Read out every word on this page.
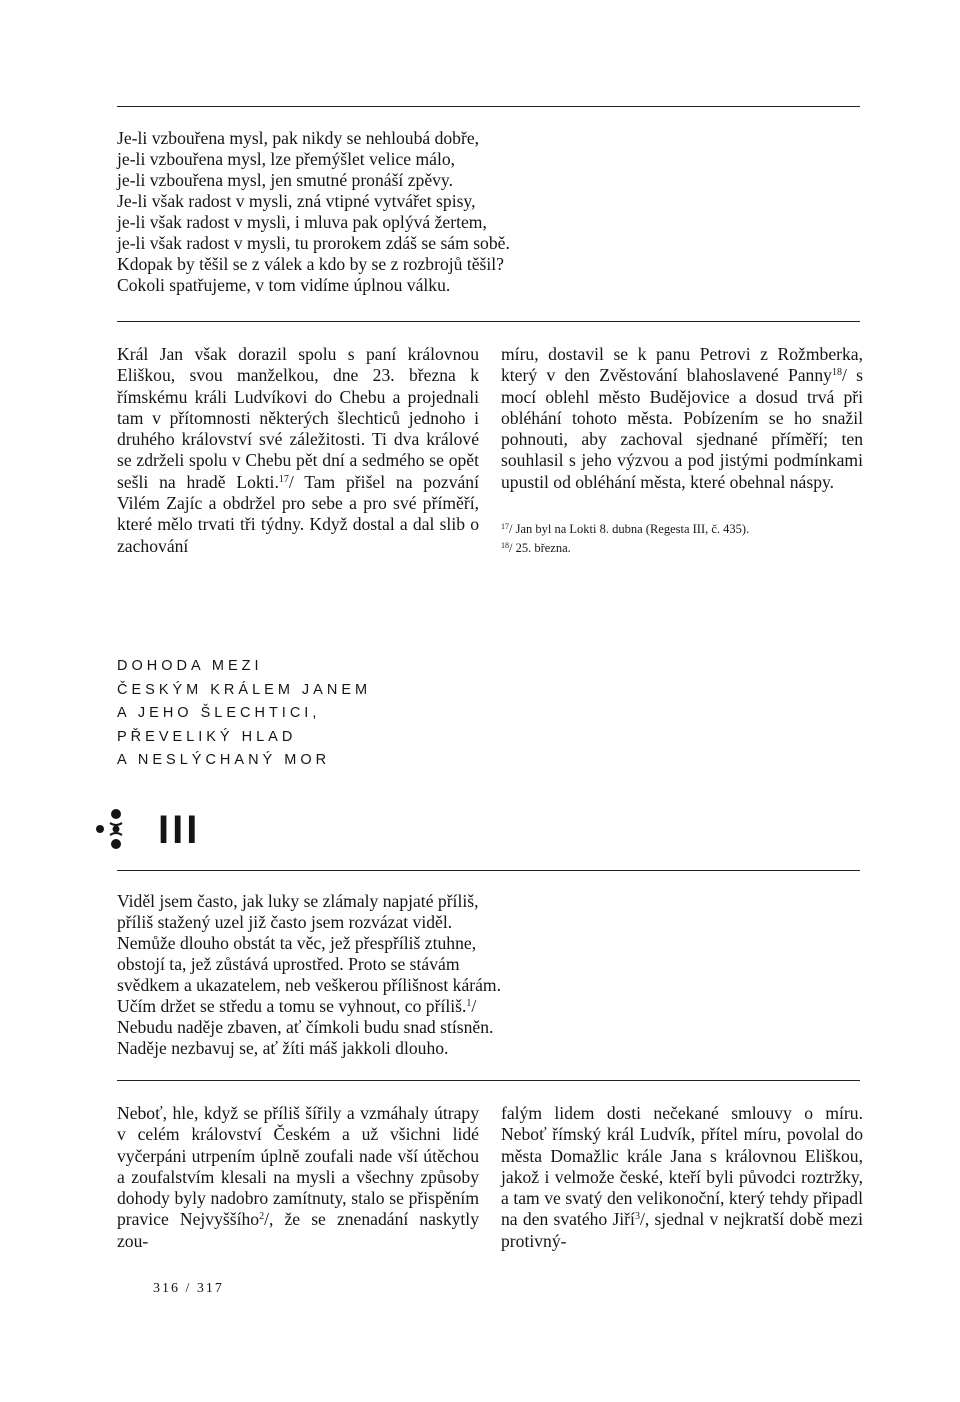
Je-li vzbouřena mysl, pak nikdy se nehloubá dobře,
je-li vzbouřena mysl, lze přemýšlet velice málo,
je-li vzbouřena mysl, jen smutné pronáší zpěvy.
Je-li však radost v mysli, zná vtipné vytvářet spisy,
je-li však radost v mysli, i mluva pak oplývá žertem,
je-li však radost v mysli, tu prorokem zdáš se sám sobě.
Kdopak by těšil se z válek a kdo by se z rozbrojů těšil?
Cokoli spatřujeme, v tom vidíme úplnou válku.

Král Jan však dorazil spolu s paní královnou Eliškou, svou manželkou, dne 23. března k římskému králi Ludvíkovi do Chebu a projednali tam v přítomnosti některých šlechticů jednoho i druhého království své záležitosti. Ti dva králové se zdrželi spolu v Chebu pět dní a sedmého se opět sešli na hradě Lokti.$^{17}$/ Tam přišel na pozvání Vilém Zajíc a obdržel pro sebe a pro své příměří, které mělo trvati tři týdny. Když dostal a dal slib o zachování

míru, dostavil se k panu Petrovi z Rožmberka, který v den Zvěstování blahoslavené Panny$^{18}$/ s mocí oblehl město Budějovice a dosud trvá při obléhání tohoto města. Pobízením se ho snažil pohnouti, aby zachoval sjednané příměří; ten souhlasil s jeho výzvou a pod jistými podmínkami upustil od obléhání města, které obehnal náspy.

$^{17}$/ Jan byl na Lokti 8. dubna (Regesta III, č. 435).
$^{18}$/ 25. března.
DOHODA MEZI
ČESKÝM KRÁLEM JANEM
A JEHO ŠLECHTICI,
PŘEVELIKÝ HLAD
A NESLÝCHANÝ MOR
III
Viděl jsem často, jak luky se zlámaly napjaté příliš,
příliš stažený uzel již často jsem rozvázat viděl.
Nemůže dlouho obstát ta věc, jež přespříliš ztuhne,
obstojí ta, jež zůstává uprostřed. Proto se stávám
svědkem a ukazatelem, neb veškerou přílišnost kárám.
Učím držet se středu a tomu se vyhnout, co příliš.$^1$/
Nebudu naděje zbaven, ať čímkoli budu snad stísněn.
Naděje nezbavuj se, ať žíti máš jakkoli dlouho.

Neboť, hle, když se příliš šířily a vzmáhaly útrapy v celém království Českém a už všichni lidé vyčerpáni utrpením úplně zoufali nade vší útěchou a zoufalstvím klesali na mysli a všechny způsoby dohody byly nadobro zamítnuty, stalo se přispěním pravice Nejvyššího$^2$/, že se znenadání naskytly zou-

falým lidem dosti nečekané smlouvy o míru. Neboť římský král Ludvík, přítel míru, povolal do města Domažlic krále Jana s královnou Eliškou, jakož i velmože české, kteří byli původci roztržky, a tam ve svatý den velikonoční, který tehdy připadl na den svatého Jiří$^3$/, sjednal v nejkratší době mezi protivný-

316 / 317
